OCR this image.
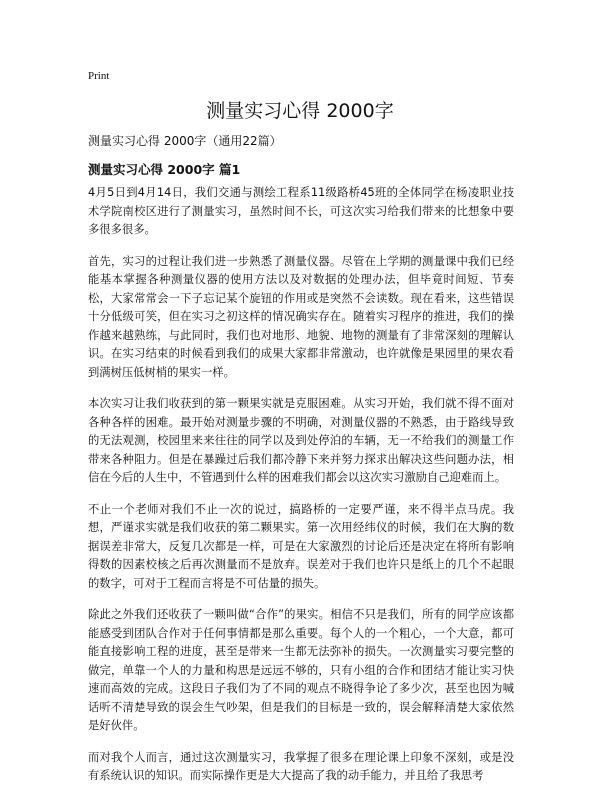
Print
测量实习心得 2000字
测量实习心得 2000字（通用22篇）
测量实习心得 2000字 篇1

4月5日到4月14日，我们交通与测绘工程系11级路桥45班的全体同学在杨凌职业技术学院南校区进行了测量实习，虽然时间不长，可这次实习给我们带来的比想象中要多很多很多。

首先，实习的过程让我们进一步熟悉了测量仪器。尽管在上学期的测量课中我们已经能基本掌握各种测量仪器的使用方法以及对数据的处理办法，但毕竟时间短、节奏松，大家常常会一下子忘记某个旋钮的作用或是突然不会读数。现在看来，这些错误十分低级可笑，但在实习之初这样的情况确实存在。随着实习程序的推进，我们的操作越来越熟练，与此同时，我们也对地形、地貌、地物的测量有了非常深刻的理解认识。在实习结束的时候看到我们的成果大家都非常激动，也许就像是果园里的果农看到满树压低树梢的果实一样。

本次实习让我们收获到的第一颗果实就是克服困难。从实习开始，我们就不得不面对各种各样的困难。最开始对测量步骤的不明确，对测量仪器的不熟悉，由于路线导致的无法观测，校园里来来往往的同学以及到处停泊的车辆，无一不给我们的测量工作带来各种阻力。但是在暴躁过后我们都冷静下来并努力探求出解决这些问题办法，相信在今后的人生中，不管遇到什么样的困难我们都会以这次实习激励自己迎难而上。

不止一个老师对我们不止一次的说过，搞路桥的一定要严谨，来不得半点马虎。我想，严谨求实就是我们收获的第二颗果实。第一次用经纬仪的时候，我们在大胸的数据误差非常大，反复几次都是一样，可是在大家激烈的讨论后还是决定在将所有影响得数的因素校核之后再次测量而不是放弃。误差对于我们也许只是纸上的几个不起眼的数字，可对于工程而言将是不可估量的损失。

除此之外我们还收获了一颗叫做“合作”的果实。相信不只是我们，所有的同学应该都能感受到团队合作对于任何事情都是那么重要。每个人的一个粗心，一个大意，都可能直接影响工程的进度，甚至是带来一生都无法弥补的损失。一次测量实习要完整的做完，单靠一个人的力量和构思是远远不够的，只有小组的合作和团结才能让实习快速而高效的完成。这段日子我们为了不同的观点不晓得争论了多少次，甚至也因为喊话听不清楚导致的误会生气吵架，但是我们的目标是一致的，误会解释清楚大家依然是好伙伴。

而对我个人而言，通过这次测量实习，我掌握了很多在理论课上印象不深刻，或是没有系统认识的知识。而实际操作更是大大提高了我的动手能力，并且给了我思考
